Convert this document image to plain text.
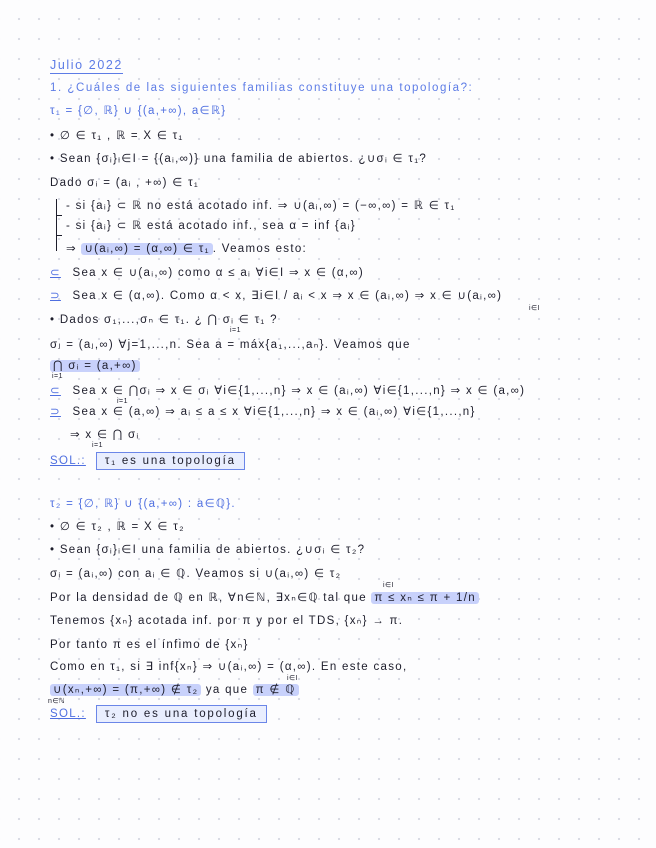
Julio 2022
1. ¿Cuáles de las siguientes familias constituye una topología?:
τ₁ = {∅, ℝ} ∪ {(a,+∞), a∈ℝ}
• ∅ ∈ τ₁ , ℝ = X ∈ τ₁
• Sean {σᵢ}ᵢ∈I = {(aᵢ,∞)} una familia de abiertos. ¿∪σᵢ ∈ τ₁?
Dado σᵢ = (aᵢ , +∞) ∈ τ₁
- si {aᵢ} ⊂ ℝ no está acotado inf. ⇒ ∪(aᵢ,∞) = (−∞,∞) = ℝ ∈ τ₁
- si {aᵢ} ⊂ ℝ está acotado inf., sea α = inf {aᵢ}
⇒ ∪(aᵢ,∞) = (α,∞) ∈ τ₁ . Veamos esto:
⊂ Sea x ∈ ∪(aᵢ,∞) como α ≤ aᵢ ∀i∈I ⇒ x ∈ (α,∞)
⊃ Sea x ∈ (α,∞). Como α < x, ∃i∈I / aᵢ < x ⇒ x ∈ (aᵢ,∞) ⇒ x ∈ ∪(aᵢ,∞)
i∈I
• Dados σ₁,...,σₙ ∈ τ₁. ¿ ⋂ σᵢ ∈ τ₁ ?
i=1
σⱼ = (aⱼ,∞) ∀j=1,...,n. Sea a = máx{a₁,...,aₙ}. Veamos que
⋂ σᵢ = (a,+∞)
i=1
⊂ Sea x ∈ ⋂σᵢ ⇒ x ∈ σᵢ ∀i∈{1,...,n} ⇒ x ∈ (aᵢ,∞) ∀i∈{1,...,n} ⇒ x ∈ (a,∞)
i=1
⊃ Sea x ∈ (a,∞) ⇒ aᵢ ≤ a ≤ x ∀i∈{1,...,n} ⇒ x ∈ (aᵢ,∞) ∀i∈{1,...,n}
⇒ x ∈ ⋂ σᵢ
i=1
SOL.: τ₁ es una topología
τ₂ = {∅, ℝ} ∪ {(a,+∞) : a∈ℚ}.
• ∅ ∈ τ₂ , ℝ = X ∈ τ₂
• Sean {σᵢ}ᵢ∈I una familia de abiertos. ¿∪σᵢ ∈ τ₂?
σᵢ = (aᵢ,∞) con aᵢ ∈ ℚ. Veamos si ∪(aᵢ,∞) ∈ τ₂
i∈I
Por la densidad de ℚ en ℝ, ∀n∈ℕ, ∃xₙ∈ℚ tal que π ≤ xₙ ≤ π + 1/n
Tenemos {xₙ} acotada inf. por π y por el TDS, {xₙ} → π.
Por tanto π es el ínfimo de {xₙ}
Como en τ₁, si ∃ inf{xₙ} ⇒ ∪(aᵢ,∞) = (α,∞). En este caso,
i∈I
∪(xₙ,+∞) = (π,+∞) ∉ τ₂ ya que π ∉ ℚ
n∈ℕ
SOL.: τ₂ no es una topología
